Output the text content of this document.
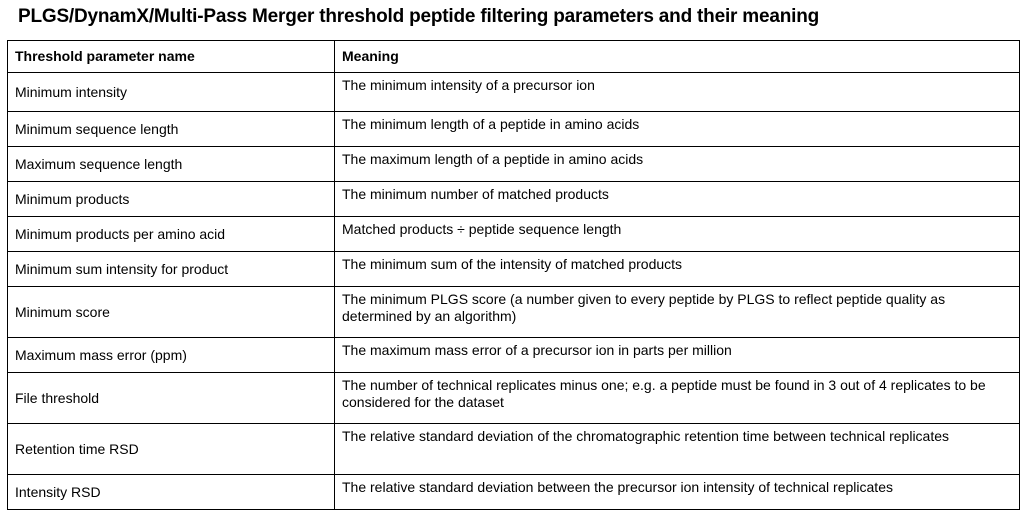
PLGS/DynamX/Multi-Pass Merger threshold peptide filtering parameters and their meaning
Threshold parameter name	Meaning
Minimum intensity	The minimum intensity of a precursor ion
Minimum sequence length	The minimum length of a peptide in amino acids
Maximum sequence length	The maximum length of a peptide in amino acids
Minimum products	The minimum number of matched products
Minimum products per amino acid	Matched products ÷ peptide sequence length
Minimum sum intensity for product	The minimum sum of the intensity of matched products
Minimum score	The minimum PLGS score (a number given to every peptide by PLGS to reflect peptide quality as determined by an algorithm)
Maximum mass error (ppm)	The maximum mass error of a precursor ion in parts per million
File threshold	The number of technical replicates minus one; e.g. a peptide must be found in 3 out of 4 replicates to be considered for the dataset
Retention time RSD	The relative standard deviation of the chromatographic retention time between technical replicates
Intensity RSD	The relative standard deviation between the precursor ion intensity of technical replicates
